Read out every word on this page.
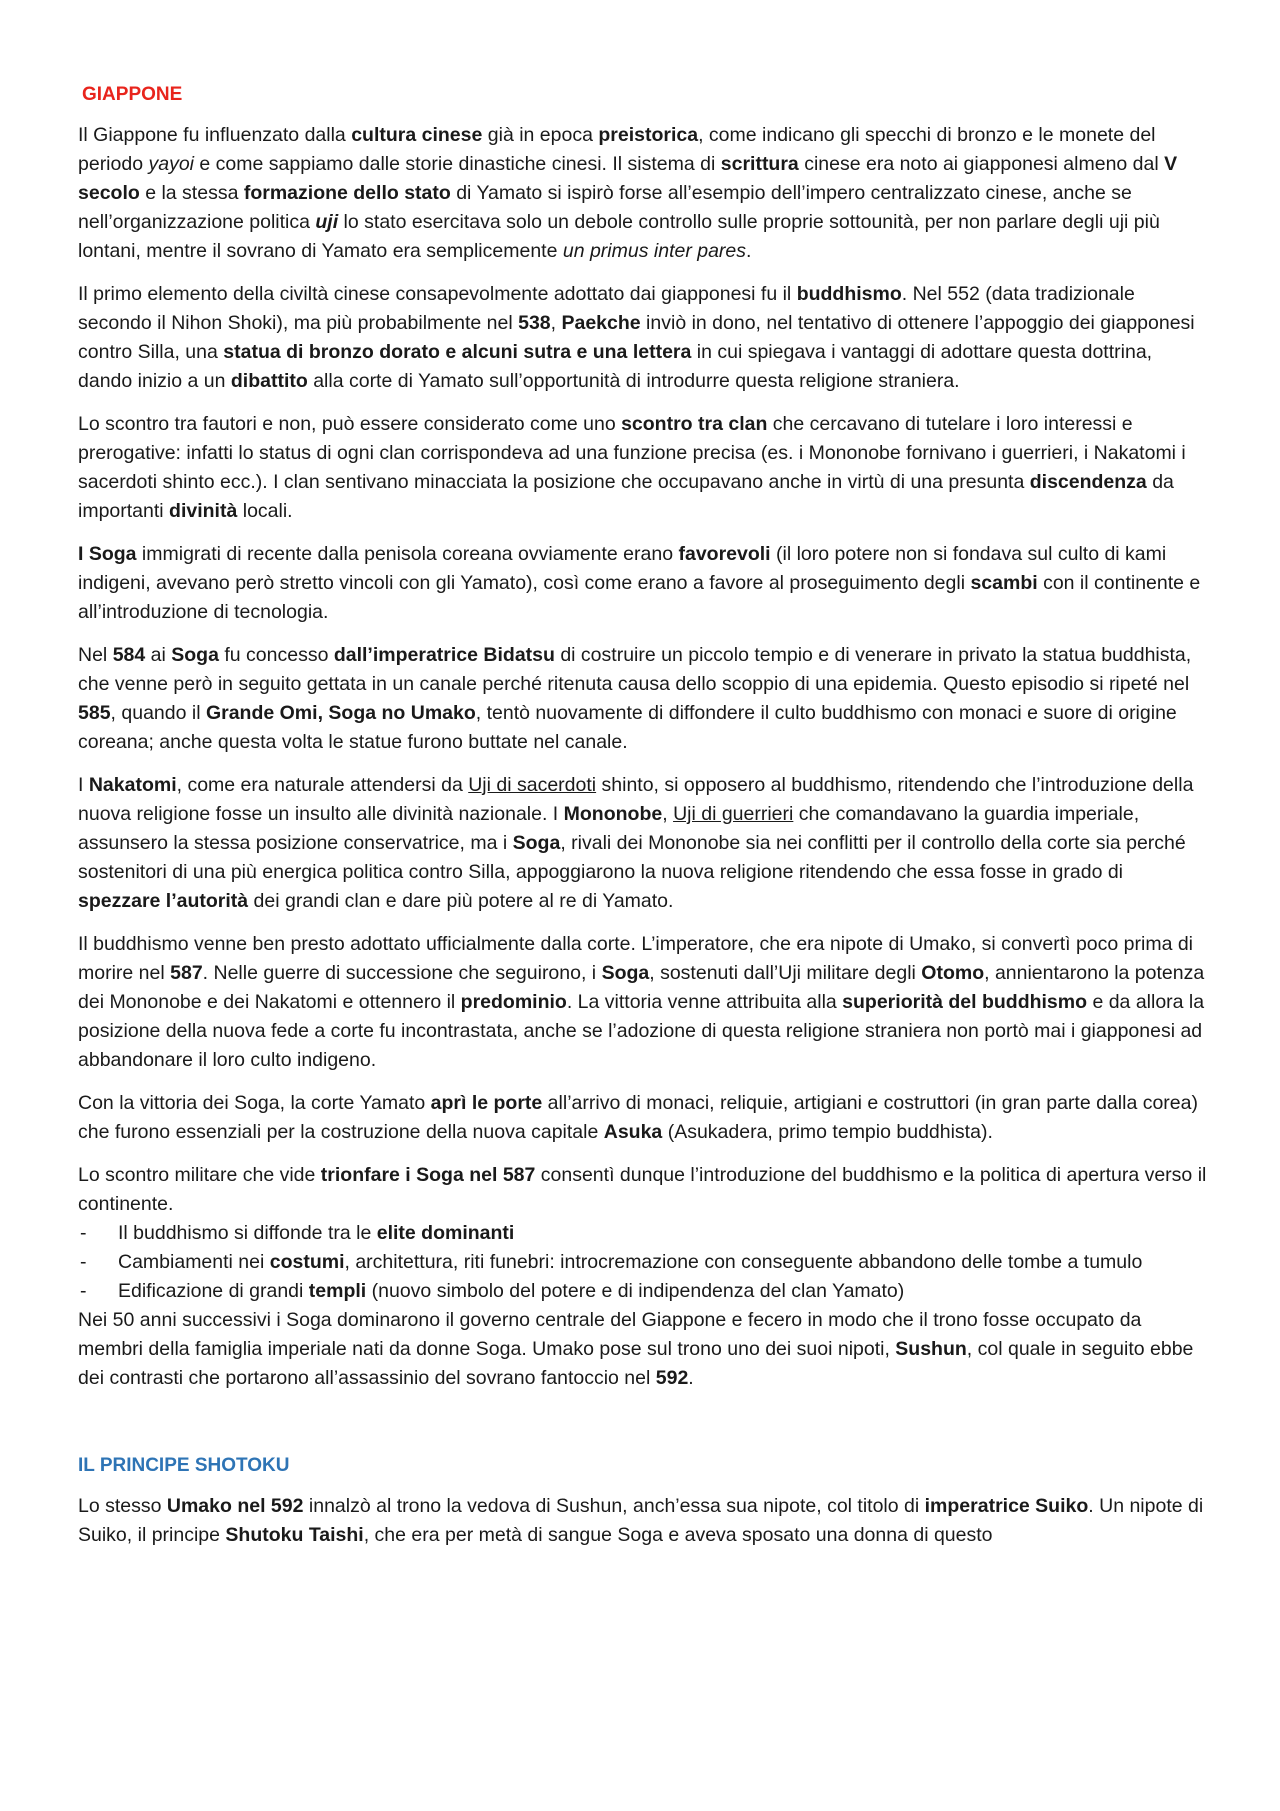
GIAPPONE

Il Giappone fu influenzato dalla cultura cinese già in epoca preistorica, come indicano gli specchi di bronzo e le monete del periodo yayoi e come sappiamo dalle storie dinastiche cinesi. Il sistema di scrittura cinese era noto ai giapponesi almeno dal V secolo e la stessa formazione dello stato di Yamato si ispirò forse all’esempio dell’impero centralizzato cinese, anche se nell’organizzazione politica uji lo stato esercitava solo un debole controllo sulle proprie sottounità, per non parlare degli uji più lontani, mentre il sovrano di Yamato era semplicemente un primus inter pares.

Il primo elemento della civiltà cinese consapevolmente adottato dai giapponesi fu il buddhismo. Nel 552 (data tradizionale secondo il Nihon Shoki), ma più probabilmente nel 538, Paekche inviò in dono, nel tentativo di ottenere l’appoggio dei giapponesi contro Silla, una statua di bronzo dorato e alcuni sutra e una lettera in cui spiegava i vantaggi di adottare questa dottrina, dando inizio a un dibattito alla corte di Yamato sull’opportunità di introdurre questa religione straniera.

Lo scontro tra fautori e non, può essere considerato come uno scontro tra clan che cercavano di tutelare i loro interessi e prerogative: infatti lo status di ogni clan corrispondeva ad una funzione precisa (es. i Mononobe fornivano i guerrieri, i Nakatomi i sacerdoti shinto ecc.). I clan sentivano minacciata la posizione che occupavano anche in virtù di una presunta discendenza da importanti divinità locali.

I Soga immigrati di recente dalla penisola coreana ovviamente erano favorevoli (il loro potere non si fondava sul culto di kami indigeni, avevano però stretto vincoli con gli Yamato), così come erano a favore al proseguimento degli scambi con il continente e all’introduzione di tecnologia.

Nel 584 ai Soga fu concesso dall’imperatrice Bidatsu di costruire un piccolo tempio e di venerare in privato la statua buddhista, che venne però in seguito gettata in un canale perché ritenuta causa dello scoppio di una epidemia. Questo episodio si ripeté nel 585, quando il Grande Omi, Soga no Umako, tentò nuovamente di diffondere il culto buddhismo con monaci e suore di origine coreana; anche questa volta le statue furono buttate nel canale.

I Nakatomi, come era naturale attendersi da Uji di sacerdoti shinto, si opposero al buddhismo, ritendendo che l’introduzione della nuova religione fosse un insulto alle divinità nazionale. I Mononobe, Uji di guerrieri che comandavano la guardia imperiale, assunsero la stessa posizione conservatrice, ma i Soga, rivali dei Mononobe sia nei conflitti per il controllo della corte sia perché sostenitori di una più energica politica contro Silla, appoggiarono la nuova religione ritendendo che essa fosse in grado di spezzare l’autorità dei grandi clan e dare più potere al re di Yamato.

Il buddhismo venne ben presto adottato ufficialmente dalla corte. L’imperatore, che era nipote di Umako, si convertì poco prima di morire nel 587. Nelle guerre di successione che seguirono, i Soga, sostenuti dall’Uji militare degli Otomo, annientarono la potenza dei Mononobe e dei Nakatomi e ottennero il predominio. La vittoria venne attribuita alla superiorità del buddhismo e da allora la posizione della nuova fede a corte fu incontrastata, anche se l’adozione di questa religione straniera non portò mai i giapponesi ad abbandonare il loro culto indigeno.

Con la vittoria dei Soga, la corte Yamato aprì le porte all’arrivo di monaci, reliquie, artigiani e costruttori (in gran parte dalla corea) che furono essenziali per la costruzione della nuova capitale Asuka (Asukadera, primo tempio buddhista).

Lo scontro militare che vide trionfare i Soga nel 587 consentì dunque l’introduzione del buddhismo e la politica di apertura verso il continente.

- Il buddhismo si diffonde tra le elite dominanti
- Cambiamenti nei costumi, architettura, riti funebri: introcremazione con conseguente abbandono delle tombe a tumulo
- Edificazione di grandi templi (nuovo simbolo del potere e di indipendenza del clan Yamato)
Nei 50 anni successivi i Soga dominarono il governo centrale del Giappone e fecero in modo che il trono fosse occupato da membri della famiglia imperiale nati da donne Soga. Umako pose sul trono uno dei suoi nipoti, Sushun, col quale in seguito ebbe dei contrasti che portarono all’assassinio del sovrano fantoccio nel 592.
IL PRINCIPE SHOTOKU

Lo stesso Umako nel 592 innalzò al trono la vedova di Sushun, anch’essa sua nipote, col titolo di imperatrice Suiko. Un nipote di Suiko, il principe Shutoku Taishi, che era per metà di sangue Soga e aveva sposato una donna di questo
